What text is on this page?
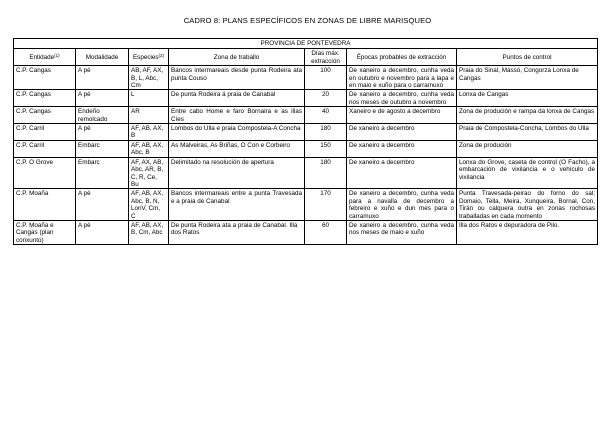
CADRO 8: PLANS ESPECÍFICOS EN ZONAS DE LIBRE MARISQUEO
PROVINCIA DE PONTEVEDRA						
Entidade$^{(1)}$	Modalidade	Especies$^{(2)}$	Zona de traballo	Días máx. extracción	Épocas probables de extracción	Puntos de control
C.P. Cangas	A pé	AB, AF, AX, B, L, Abc, Cm	Bancos intermareais desde punta Rodeira ata punta Couso	100	De xaneiro a decembro, cunha veda en outubro e novembro para a lapa e en maio e xuño para o carramuxo	Praia do Sinal, Massó, Congorza Lonxa de Cangas
C.P. Cangas	A pé	L	De punta Rodeira á praia de Canabal	20	De xaneiro a decembro, cunha veda nos meses de outubro a novembro	Lonxa de Cangas
C.P. Cangas	Endeño remolcado	AR	Entre cabo Home e faro Bornaira e as illas Cíes	40	Xaneiro e de agosto a decembro	Zona de produción e rampa da lonxa de Cangas
C.P. Carril	A pé	AF, AB, AX, B	Lombos do Ulla e praia Compostela-A Concha	180	De xaneiro a decembro	Praia de Compostela-Concha, Lombos do Ulla
C.P. Carril	Embarc	AF, AB, AX, Abc, B	As Malveiras, As Briñas, O Con e Corbeiro	150	De xaneiro a decembro	Zona de produción
C.P. O Grove	Embarc	AF, AX, AB, Abc, AR, B, C, R, Ce, Bu	Delimitado na resolución de apertura	180	De xaneiro a decembro	Lonxa do Grove, caseta de control (O Facho), a embarcación de vixilancia e o vehículo de vixilancia
C.P. Moaña	A pé	AF, AB, AX, Abc, B, N, LonV, Cm, C	Bancos intermareais entre a punta Travesada e a praia de Canabal	170	De xaneiro a decembro, cunha veda para a navalla de decembro a febreiro e xuño e dun mes para o carramuxo	Punta Travesada-peirao do forno do sal; Domaio, Tella, Meira, Xunqueira, Bornal, Con, Tirán ou calquera outra en zonas rochosas traballadas en cada momento
C.P. Moaña e Cangas (plan conxunto)	A pé	AF, AB, AX, B, Cm, Abc	De punta Rodeira ata a praia de Canabal. Illa dos Ratos	60	De xaneiro a decembro, cunha veda nos meses de maio e xuño	Illa dos Ratos e depuradora de Pilo.
